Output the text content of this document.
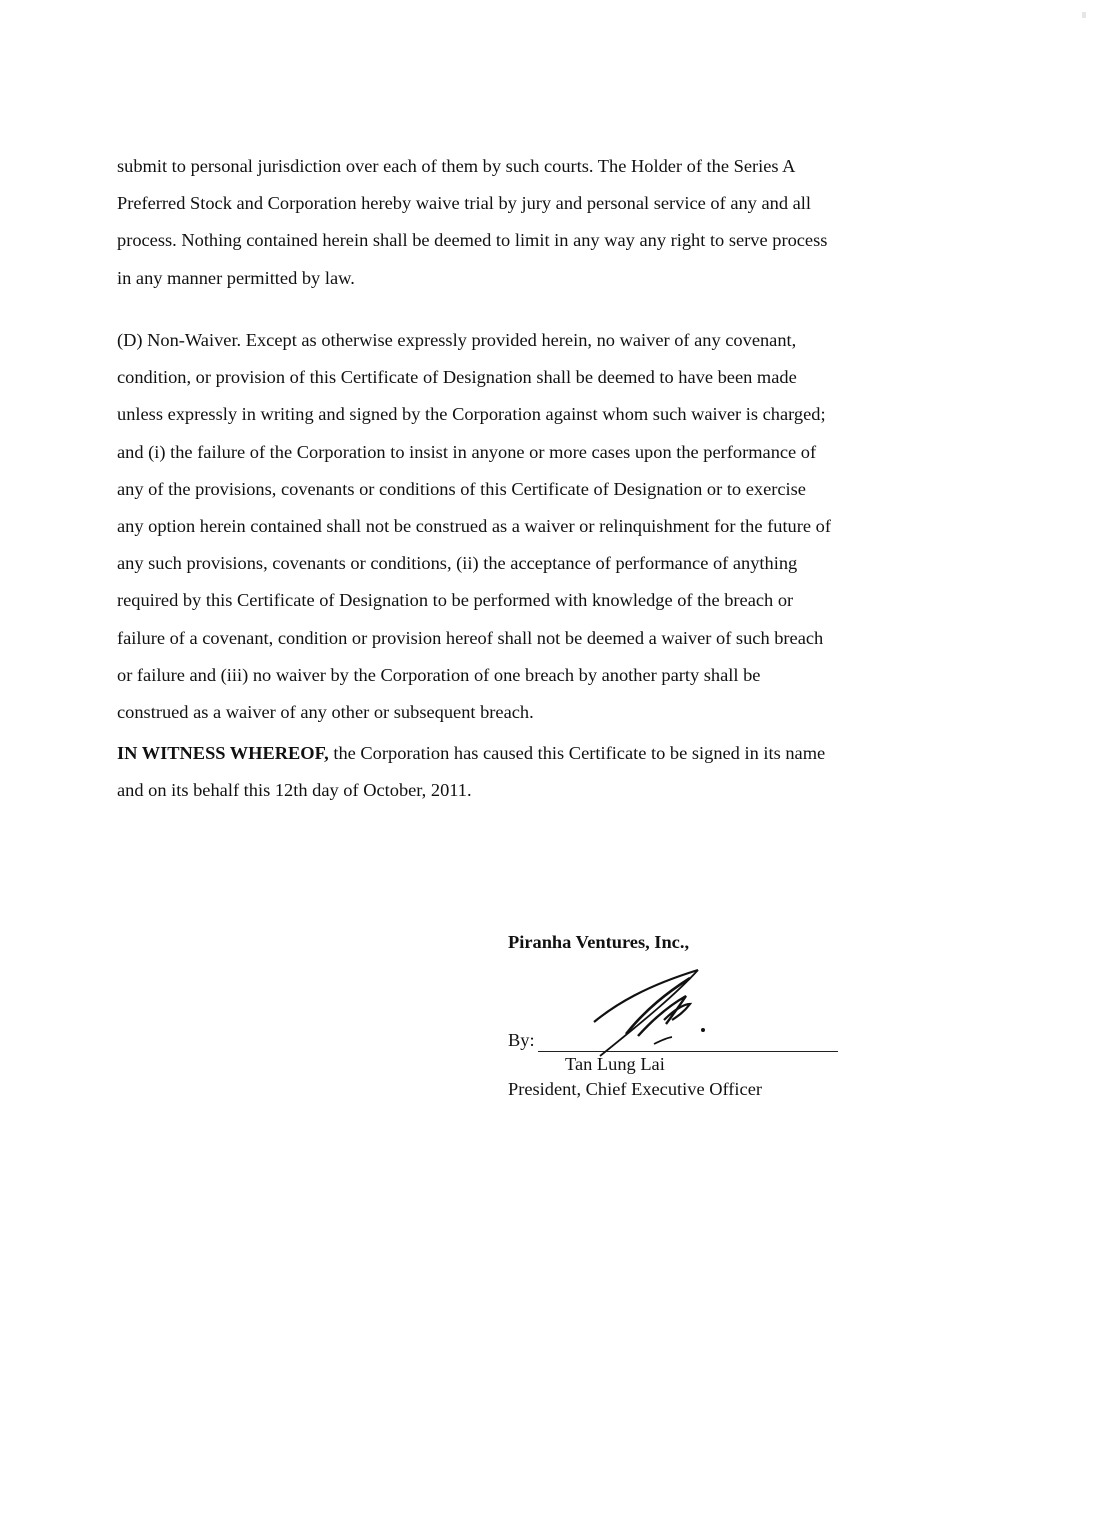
submit to personal jurisdiction over each of them by such courts. The Holder of the Series A
Preferred Stock and Corporation hereby waive trial by jury and personal service of any and all
process. Nothing contained herein shall be deemed to limit in any way any right to serve process
in any manner permitted by law.

(D) Non-Waiver. Except as otherwise expressly provided herein, no waiver of any covenant,
condition, or provision of this Certificate of Designation shall be deemed to have been made
unless expressly in writing and signed by the Corporation against whom such waiver is charged;
and (i) the failure of the Corporation to insist in anyone or more cases upon the performance of
any of the provisions, covenants or conditions of this Certificate of Designation or to exercise
any option herein contained shall not be construed as a waiver or relinquishment for the future of
any such provisions, covenants or conditions, (ii) the acceptance of performance of anything
required by this Certificate of Designation to be performed with knowledge of the breach or
failure of a covenant, condition or provision hereof shall not be deemed a waiver of such breach
or failure and (iii) no waiver by the Corporation of one breach by another party shall be
construed as a waiver of any other or subsequent breach.

IN WITNESS WHEREOF, the Corporation has caused this Certificate to be signed in its name
and on its behalf this 12th day of October, 2011.

Piranha Ventures, Inc.,

By:
Tan Lung Lai
President, Chief Executive Officer
